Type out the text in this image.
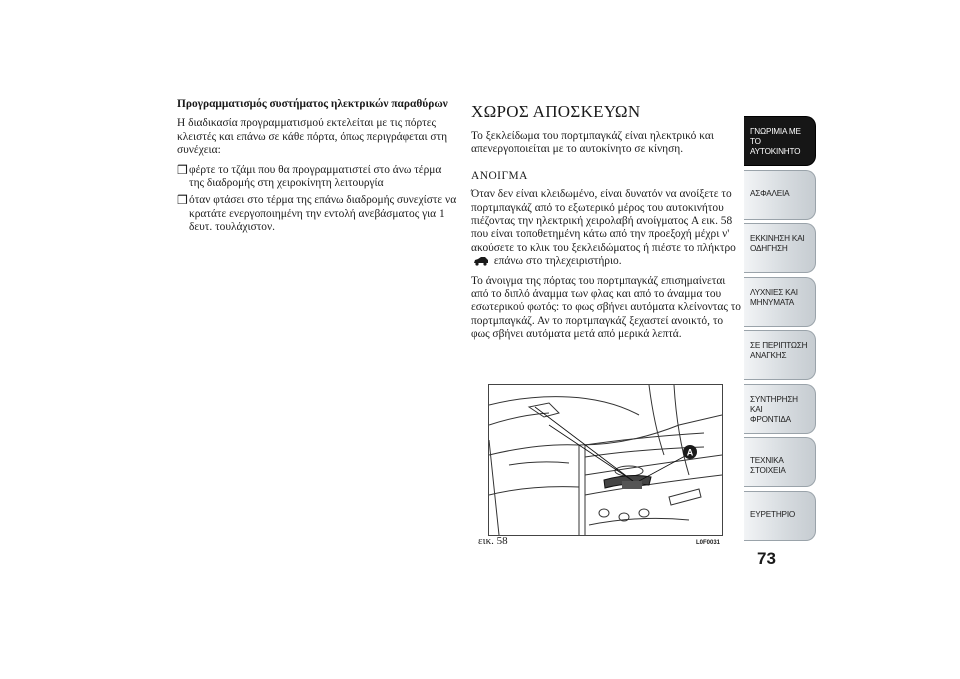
Προγραμματισμός συστήματος ηλεκτρικών παραθύρων

Η διαδικασία προγραμματισμού εκτελείται με τις πόρτες κλειστές και επάνω σε κάθε πόρτα, όπως περιγράφεται στη συνέχεια:

❒ φέρτε το τζάμι που θα προγραμματιστεί στο άνω τέρμα της διαδρομής στη χειροκίνητη λειτουργία
❒ όταν φτάσει στο τέρμα της επάνω διαδρομής συνεχίστε να κρατάτε ενεργοποιημένη την εντολή ανεβάσματος για 1 δευτ. τουλάχιστον.
ΧΩΡΟΣ ΑΠΟΣΚΕΥΩΝ

Το ξεκλείδωμα του πορτμπαγκάζ είναι ηλεκτρικό και απενεργοποιείται με το αυτοκίνητο σε κίνηση.

ΑΝΟΙΓΜΑ

Όταν δεν είναι κλειδωμένο, είναι δυνατόν να ανοίξετε το πορτμπαγκάζ από το εξωτερικό μέρος του αυτοκινήτου πιέζοντας την ηλεκτρική χειρολαβή ανοίγματος A εικ. 58 που είναι τοποθετημένη κάτω από την προεξοχή μέχρι ν' ακούσετε το κλικ του ξεκλειδώματος ή πιέστε το πλήκτρο  επάνω στο τηλεχειριστήριο.

Το άνοιγμα της πόρτας του πορτμπαγκάζ επισημαίνεται από το διπλό άναμμα των φλας και από το άναμμα του εσωτερικού φωτός: το φως σβήνει αυτόματα κλείνοντας το πορτμπαγκάζ. Αν το πορτμπαγκάζ ξεχαστεί ανοικτό, το φως σβήνει αυτόματα μετά από μερικά λεπτά.

A
εικ. 58	L0F0031
ΓΝΩΡΙΜΙΑ ΜΕ ΤΟ
ΑΥΤΟΚΙΝΗΤΟ
ΑΣΦΑΛΕΙΑ
ΕΚΚΙΝΗΣΗ ΚΑΙ
ΟΔΗΓΗΣΗ
ΛΥΧΝΙΕΣ ΚΑΙ
ΜΗΝΥΜΑΤΑ
ΣΕ ΠΕΡΙΠΤΩΣΗ
ΑΝΑΓΚΗΣ
ΣΥΝΤΗΡΗΣΗ ΚΑΙ
ΦΡΟΝΤΙΔΑ
ΤΕΧΝΙΚΑ ΣΤΟΙΧΕΙΑ
ΕΥΡΕΤΗΡΙΟ
73
